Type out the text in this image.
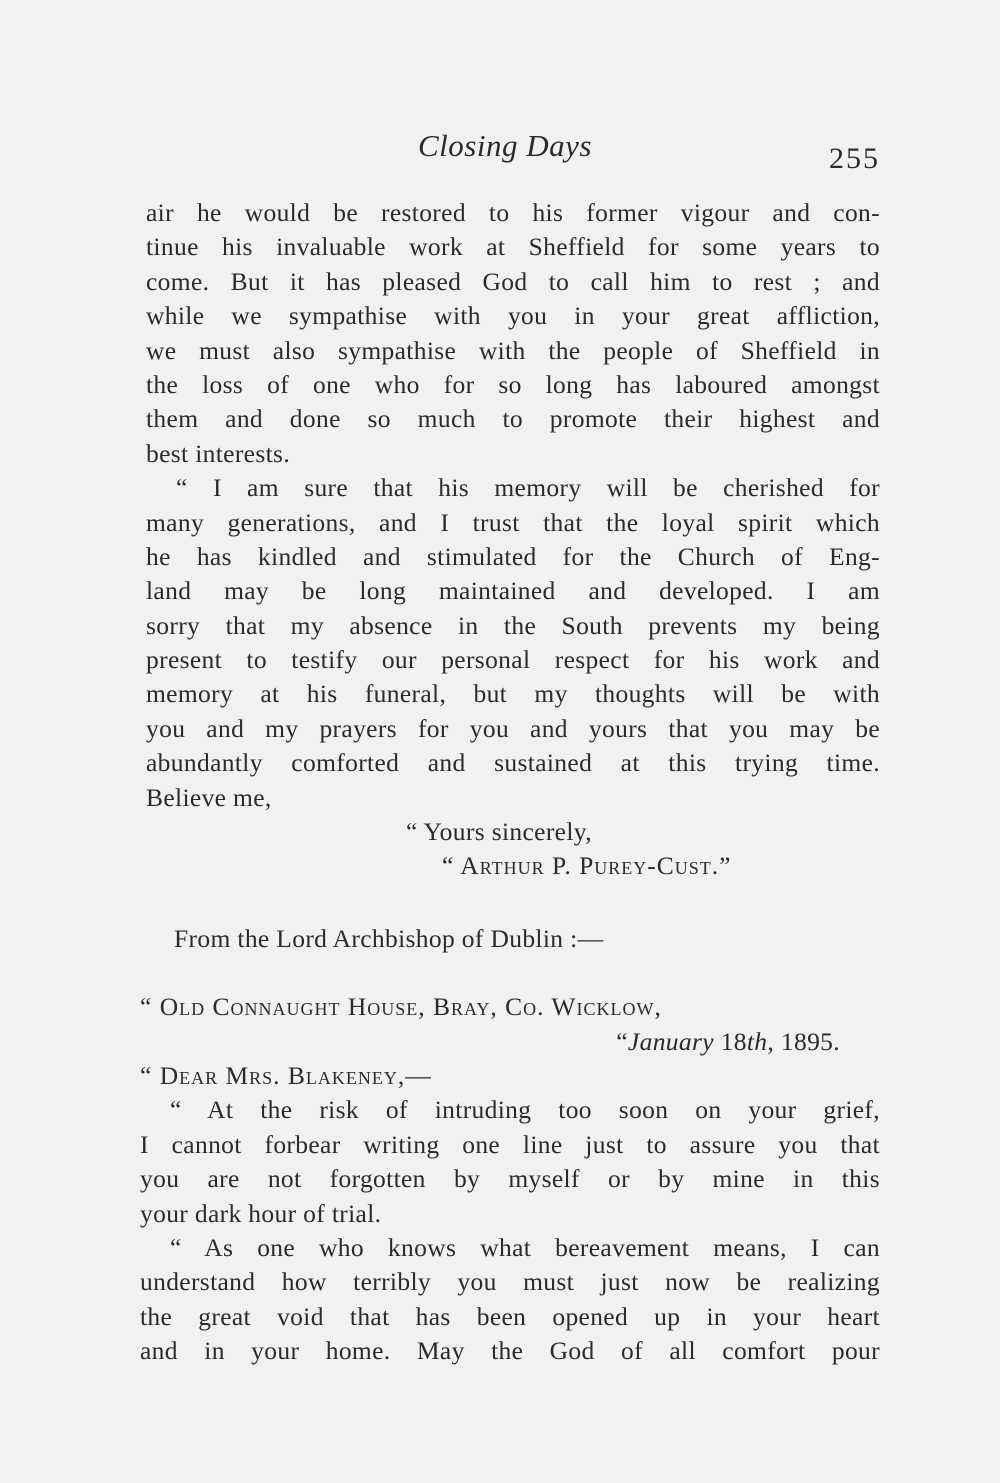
Closing Days	255
air he would be restored to his former vigour and con-
tinue his invaluable work at Sheffield for some years to
come. But it has pleased God to call him to rest ; and
while we sympathise with you in your great affliction,
we must also sympathise with the people of Sheffield in
the loss of one who for so long has laboured amongst
them and done so much to promote their highest and
best interests.
“ I am sure that his memory will be cherished for
many generations, and I trust that the loyal spirit which
he has kindled and stimulated for the Church of Eng-
land may be long maintained and developed. I am
sorry that my absence in the South prevents my being
present to testify our personal respect for his work and
memory at his funeral, but my thoughts will be with
you and my prayers for you and yours that you may be
abundantly comforted and sustained at this trying time.
Believe me,
“ Yours sincerely,
“ Arthur P. Purey-Cust.”
From the Lord Archbishop of Dublin :—
“ Old Connaught House, Bray, Co. Wicklow,
“January 18th, 1895.
“ Dear Mrs. Blakeney,—
“ At the risk of intruding too soon on your grief,
I cannot forbear writing one line just to assure you that
you are not forgotten by myself or by mine in this
your dark hour of trial.
“ As one who knows what bereavement means, I can
understand how terribly you must just now be realizing
the great void that has been opened up in your heart
and in your home. May the God of all comfort pour
